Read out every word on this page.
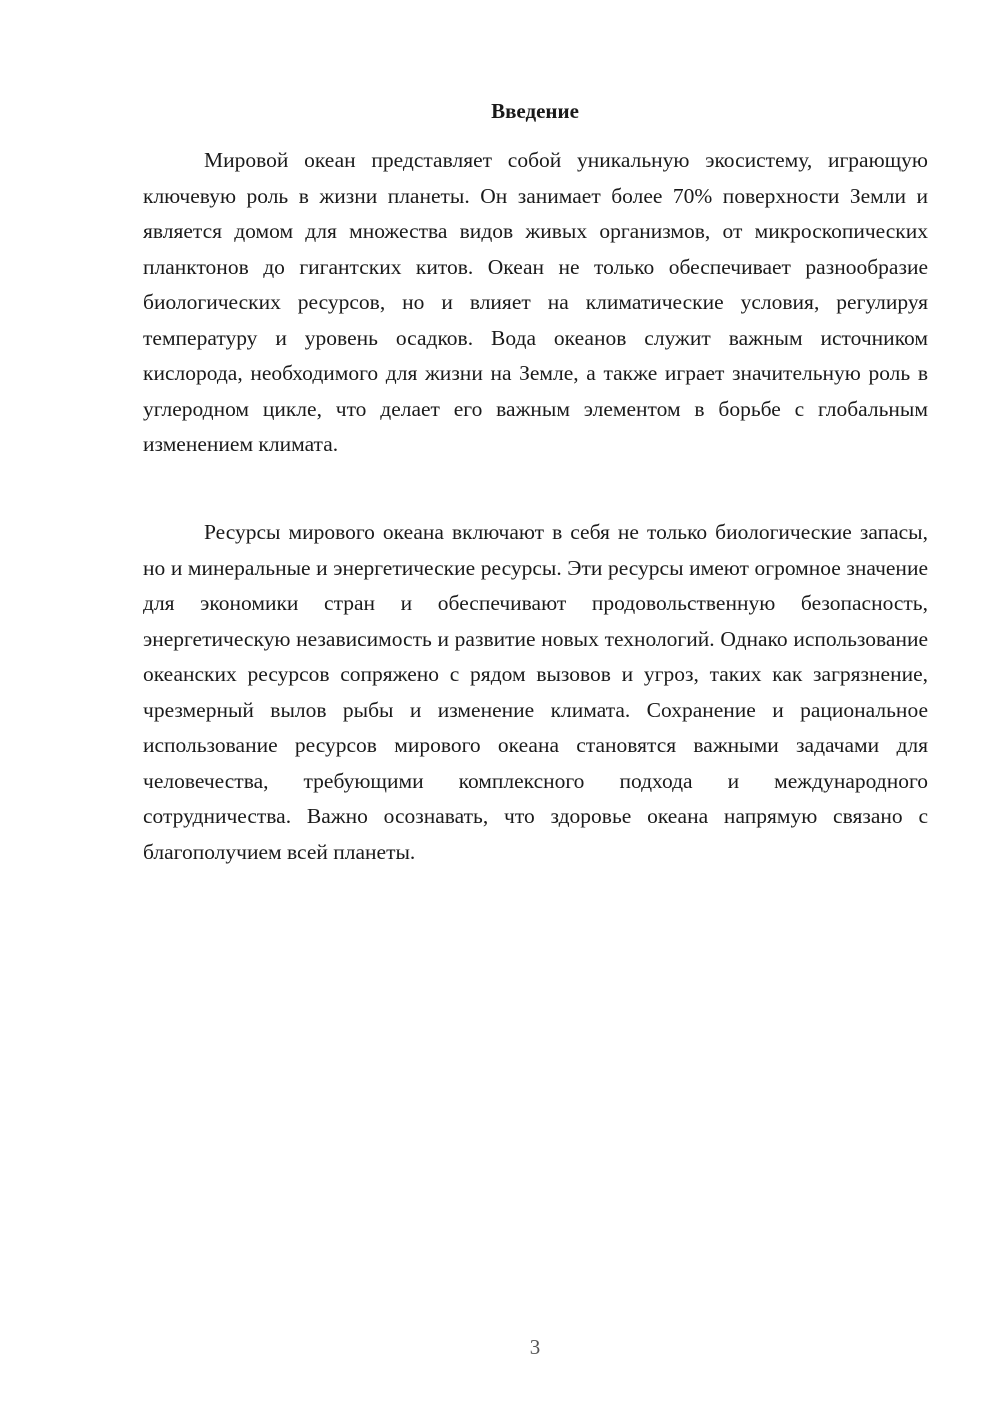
Введение

Мировой океан представляет собой уникальную экосистему, играющую ключевую роль в жизни планеты. Он занимает более 70% поверхности Земли и является домом для множества видов живых организмов, от микроскопических планктонов до гигантских китов. Океан не только обеспечивает разнообразие биологических ресурсов, но и влияет на климатические условия, регулируя температуру и уровень осадков. Вода океанов служит важным источником кислорода, необходимого для жизни на Земле, а также играет значительную роль в углеродном цикле, что делает его важным элементом в борьбе с глобальным изменением климата.

Ресурсы мирового океана включают в себя не только биологические запасы, но и минеральные и энергетические ресурсы. Эти ресурсы имеют огромное значение для экономики стран и обеспечивают продовольственную безопасность, энергетическую независимость и развитие новых технологий. Однако использование океанских ресурсов сопряжено с рядом вызовов и угроз, таких как загрязнение, чрезмерный вылов рыбы и изменение климата. Сохранение и рациональное использование ресурсов мирового океана становятся важными задачами для человечества, требующими комплексного подхода и международного сотрудничества. Важно осознавать, что здоровье океана напрямую связано с благополучием всей планеты.

3
